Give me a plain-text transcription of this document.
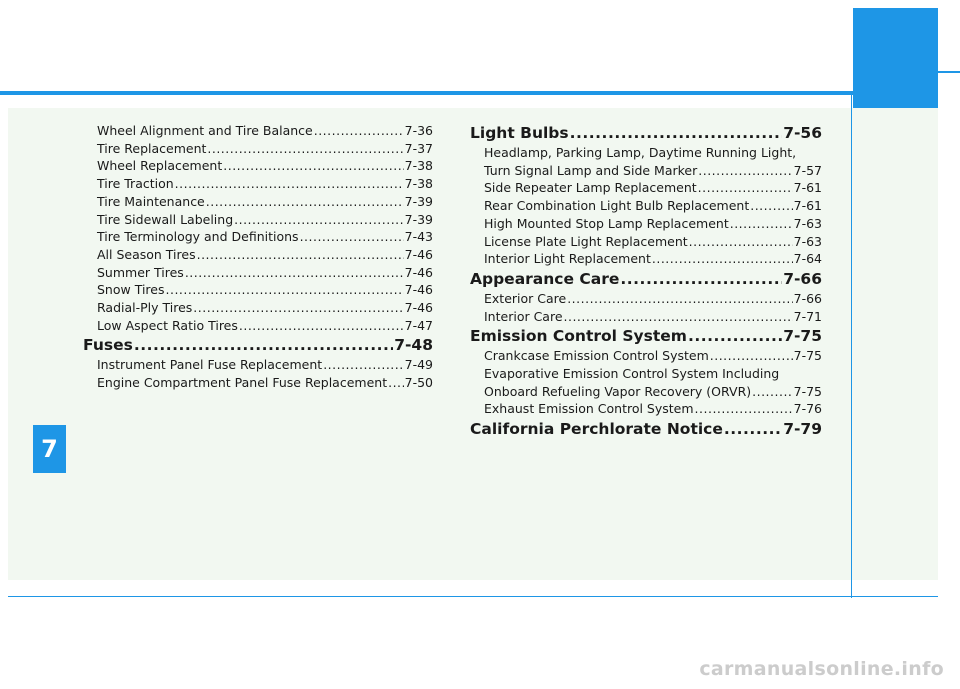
7
Wheel Alignment and Tire Balance .....	7-36
Tire Replacement .....	7-37
Wheel Replacement .....	7-38
Tire Traction .....	7-38
Tire Maintenance .....	7-39
Tire Sidewall Labeling .....	7-39
Tire Terminology and Definitions .....	7-43
All Season Tires .....	7-46
Summer Tires .....	7-46
Snow Tires .....	7-46
Radial-Ply Tires .....	7-46
Low Aspect Ratio Tires .....	7-47
Fuses .....	7-48
Instrument Panel Fuse Replacement .....	7-49
Engine Compartment Panel Fuse Replacement ..... 7-50
Light Bulbs .....	7-56
Headlamp, Parking Lamp, Daytime Running Light,
Turn Signal Lamp and Side Marker .....	7-57
Side Repeater Lamp Replacement .....	7-61
Rear Combination Light Bulb Replacement .....	7-61
High Mounted Stop Lamp Replacement .....	7-63
License Plate Light Replacement .....	7-63
Interior Light Replacement .....	7-64
Appearance Care .....	7-66
Exterior Care .....	7-66
Interior Care .....	7-71
Emission Control System .....	7-75
Crankcase Emission Control System .....	7-75
Evaporative Emission Control System Including
Onboard Refueling Vapor Recovery (ORVR) .....	7-75
Exhaust Emission Control System .....	7-76
California Perchlorate Notice .....	7-79
carmanualsonline.info
